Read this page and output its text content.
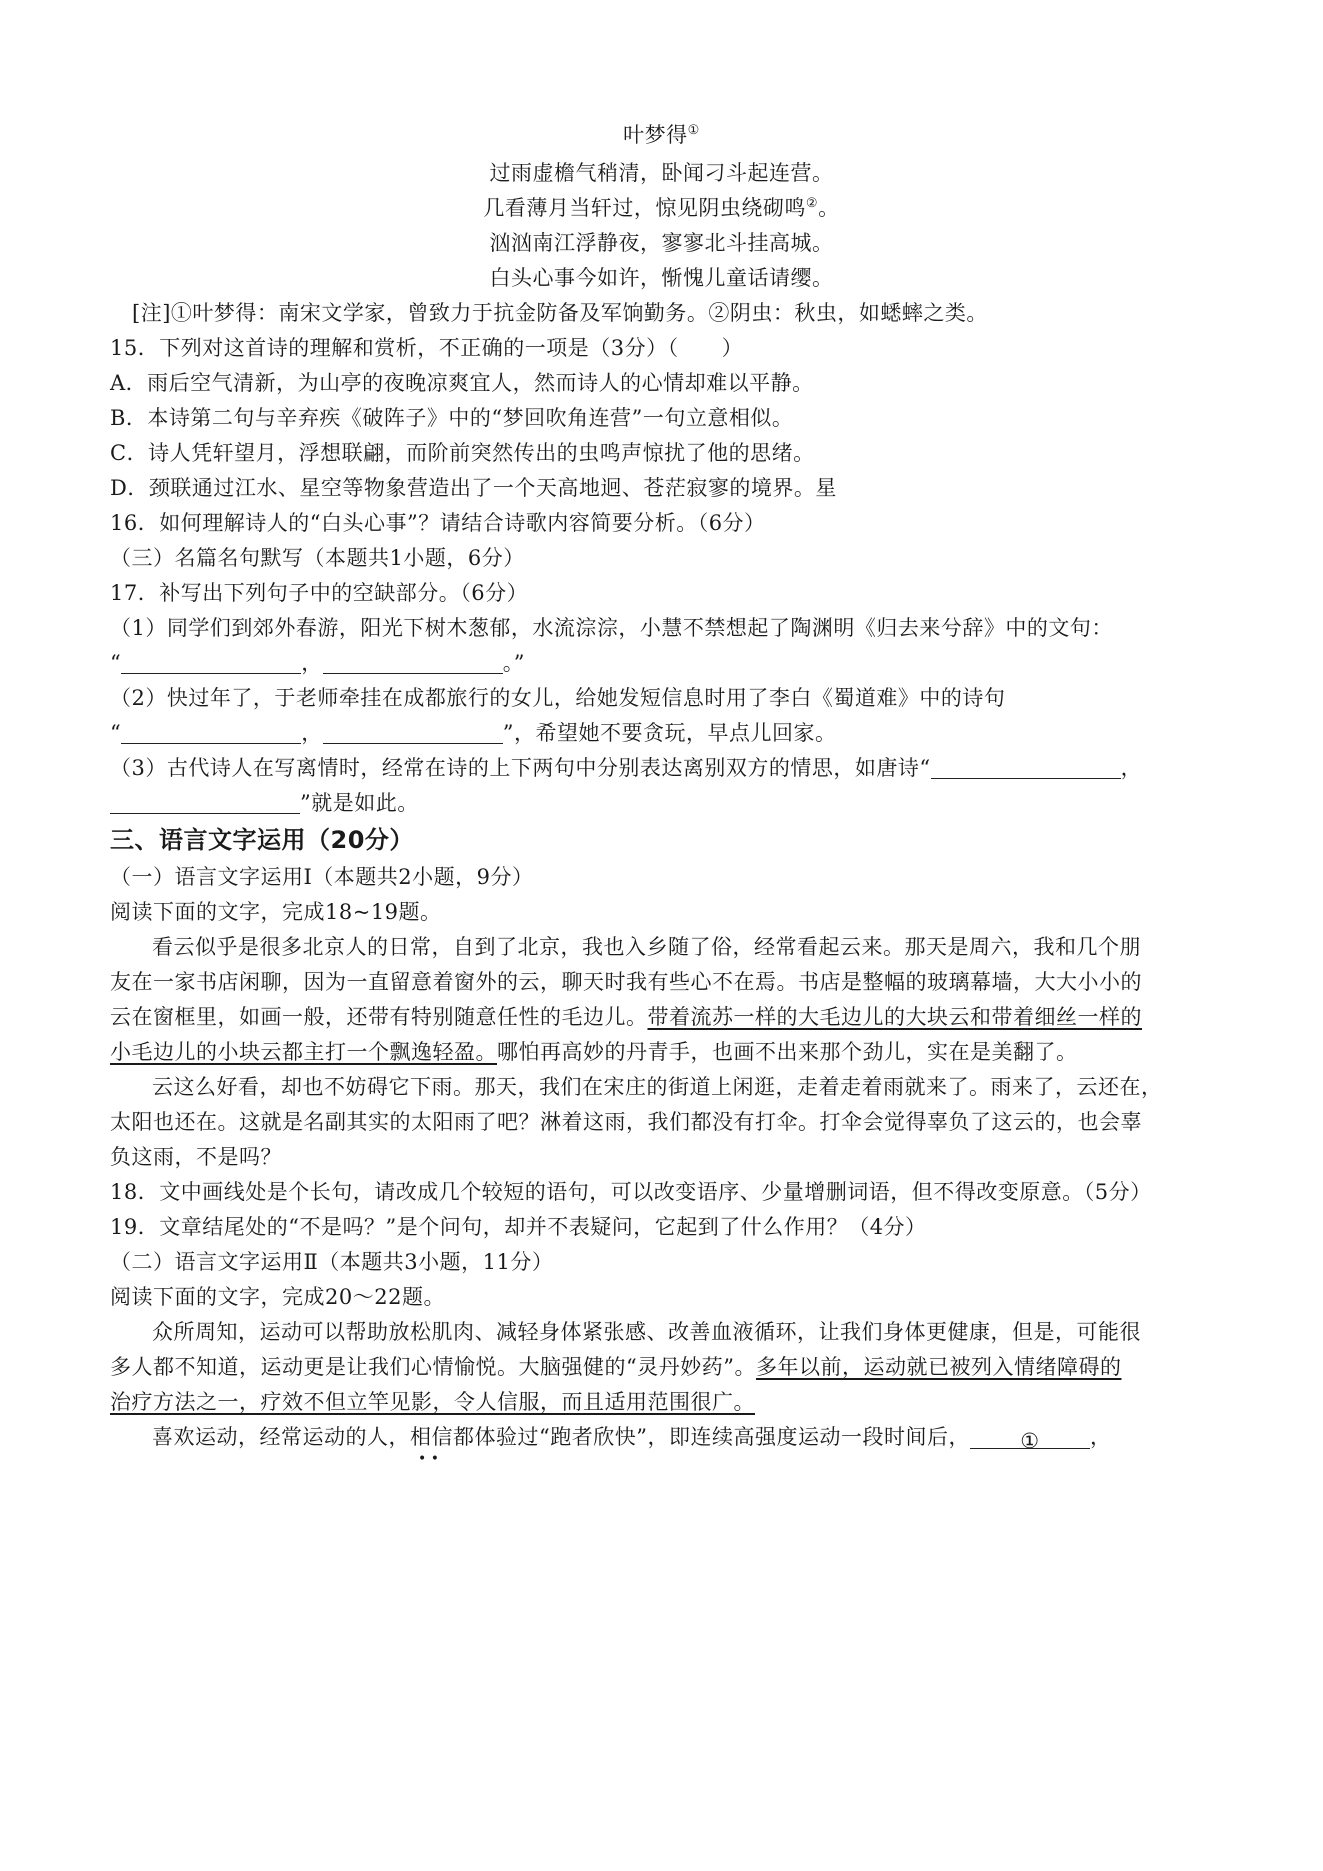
叶梦得①
过雨虚檐气稍清，卧闻刁斗起连营。
几看薄月当轩过，惊见阴虫绕砌鸣②。
汹汹南江浮静夜，寥寥北斗挂高城。
白头心事今如许，惭愧儿童话请缨。
[注]①叶梦得：南宋文学家，曾致力于抗金防备及军饷勤务。②阴虫：秋虫，如蟋蟀之类。
15．下列对这首诗的理解和赏析，不正确的一项是（3分）（　　）
A．雨后空气清新，为山亭的夜晚凉爽宜人，然而诗人的心情却难以平静。
B．本诗第二句与辛弃疾《破阵子》中的“梦回吹角连营”一句立意相似。
C．诗人凭轩望月，浮想联翩，而阶前突然传出的虫鸣声惊扰了他的思绪。
D．颈联通过江水、星空等物象营造出了一个天高地迥、苍茫寂寥的境界。星
16．如何理解诗人的“白头心事”？请结合诗歌内容简要分析。（6分）
（三）名篇名句默写（本题共1小题，6分）
17．补写出下列句子中的空缺部分。（6分）
（1）同学们到郊外春游，阳光下树木葱郁，水流淙淙，小慧不禁想起了陶渊明《归去来兮辞》中的文句：
“	，	。”
（2）快过年了，于老师牵挂在成都旅行的女儿，给她发短信息时用了李白《蜀道难》中的诗句
“	，	”，希望她不要贪玩，早点儿回家。
（3）古代诗人在写离情时，经常在诗的上下两句中分别表达离别双方的情思，如唐诗“	，
”就是如此。
三、语言文字运用（20分）
（一）语言文字运用Ⅰ（本题共2小题，9分）
阅读下面的文字，完成18~19题。
看云似乎是很多北京人的日常，自到了北京，我也入乡随了俗，经常看起云来。那天是周六，我和几个朋
友在一家书店闲聊，因为一直留意着窗外的云，聊天时我有些心不在焉。书店是整幅的玻璃幕墙，大大小小的
云在窗框里，如画一般，还带有特别随意任性的毛边儿。带着流苏一样的大毛边儿的大块云和带着细丝一样的
小毛边儿的小块云都主打一个飘逸轻盈。哪怕再高妙的丹青手，也画不出来那个劲儿，实在是美翻了。
云这么好看，却也不妨碍它下雨。那天，我们在宋庄的街道上闲逛，走着走着雨就来了。雨来了，云还在，
太阳也还在。这就是名副其实的太阳雨了吧？淋着这雨，我们都没有打伞。打伞会觉得辜负了这云的，也会辜
负这雨，不是吗？
18．文中画线处是个长句，请改成几个较短的语句，可以改变语序、少量增删词语，但不得改变原意。（5分）
19．文章结尾处的“不是吗？”是个问句，却并不表疑问，它起到了什么作用？（4分）
（二）语言文字运用Ⅱ（本题共3小题，11分）
阅读下面的文字，完成20～22题。
众所周知，运动可以帮助放松肌肉、减轻身体紧张感、改善血液循环，让我们身体更健康，但是，可能很
多人都不知道，运动更是让我们心情愉悦。大脑强健的“灵丹妙药”。多年以前，运动就已被列入情绪障碍的
治疗方法之一，疗效不但立竿见影，令人信服，而且适用范围很广。
喜欢运动，经常运动的人，相信都体验过“跑者欣快”，即连续高强度运动一段时间后， ① ，
• •
